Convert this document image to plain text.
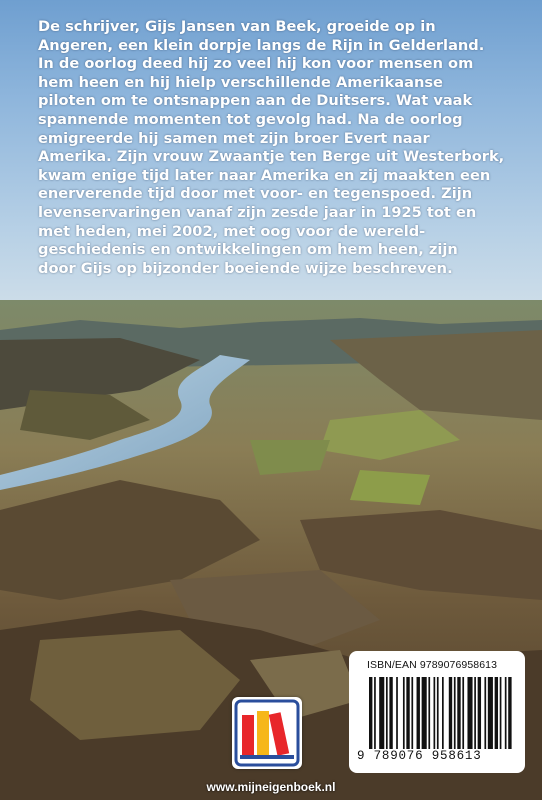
De schrijver, Gijs Jansen van Beek, groeide op in

Angeren, een klein dorpje langs de Rijn in Gelderland.

In de oorlog deed hij zo veel hij kon voor mensen om

hem heen en hij hielp verschillende Amerikaanse

piloten om te ontsnappen aan de Duitsers. Wat vaak

spannende momenten tot gevolg had. Na de oorlog

emigreerde hij samen met zijn broer Evert naar

Amerika. Zijn vrouw Zwaantje ten Berge uit Westerbork,

kwam enige tijd later naar Amerika en zij maakten een

enerverende tijd door met voor- en tegenspoed. Zijn

levenservaringen vanaf zijn zesde jaar in 1925 tot en

met heden, mei 2002, met oog voor de wereld-

geschiedenis en ontwikkelingen om hem heen, zijn

door Gijs op bijzonder boeiende wijze beschreven.

ISBN/EAN 9789076958613
9 789076 958613
www.mijneigenboek.nl
